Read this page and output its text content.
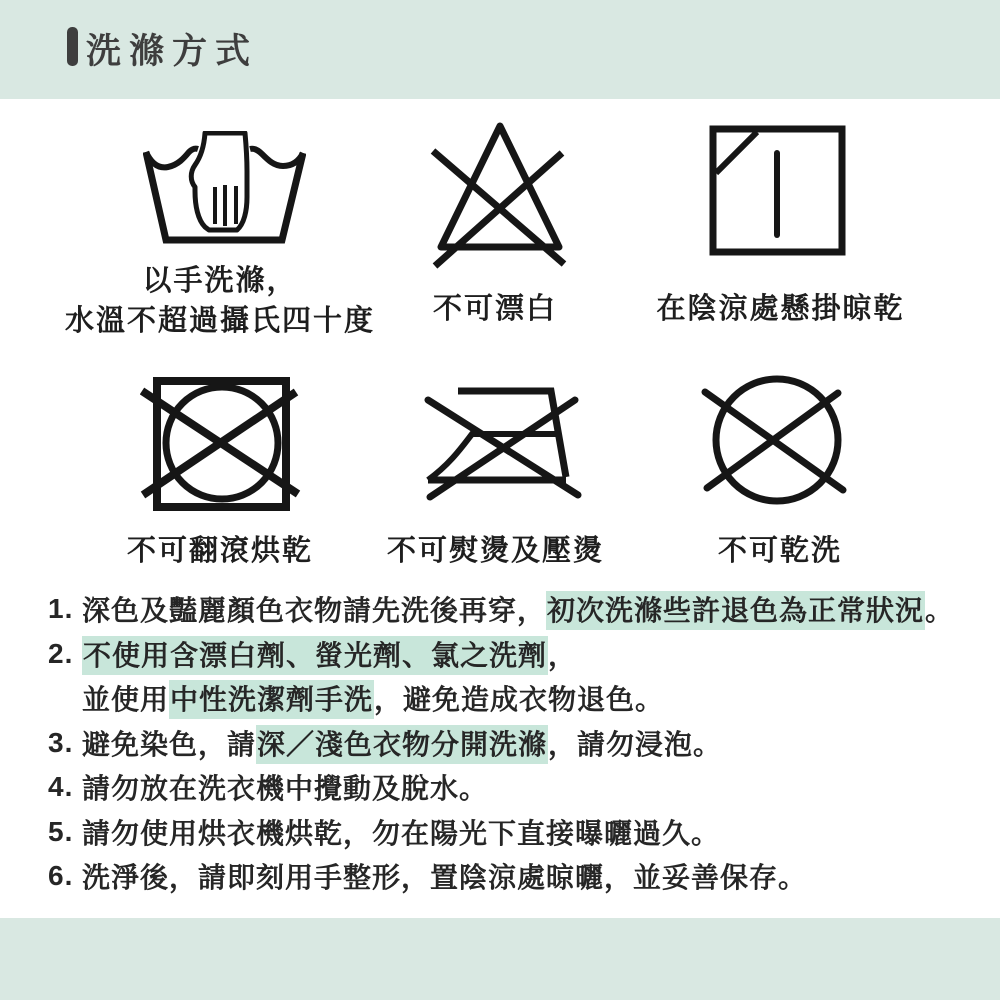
洗滌方式
以手洗滌，
水溫不超過攝氏四十度	不可漂白	在陰涼處懸掛晾乾
不可翻滾烘乾	不可熨燙及壓燙	不可乾洗
1. 深色及豔麗顏色衣物請先洗後再穿，初次洗滌些許退色為正常狀況。
2. 不使用含漂白劑、螢光劑、氯之洗劑，
並使用中性洗潔劑手洗，避免造成衣物退色。
3. 避免染色，請深／淺色衣物分開洗滌，請勿浸泡。
4. 請勿放在洗衣機中攪動及脫水。
5. 請勿使用烘衣機烘乾，勿在陽光下直接曝曬過久。
6. 洗淨後，請即刻用手整形，置陰涼處晾曬，並妥善保存。
